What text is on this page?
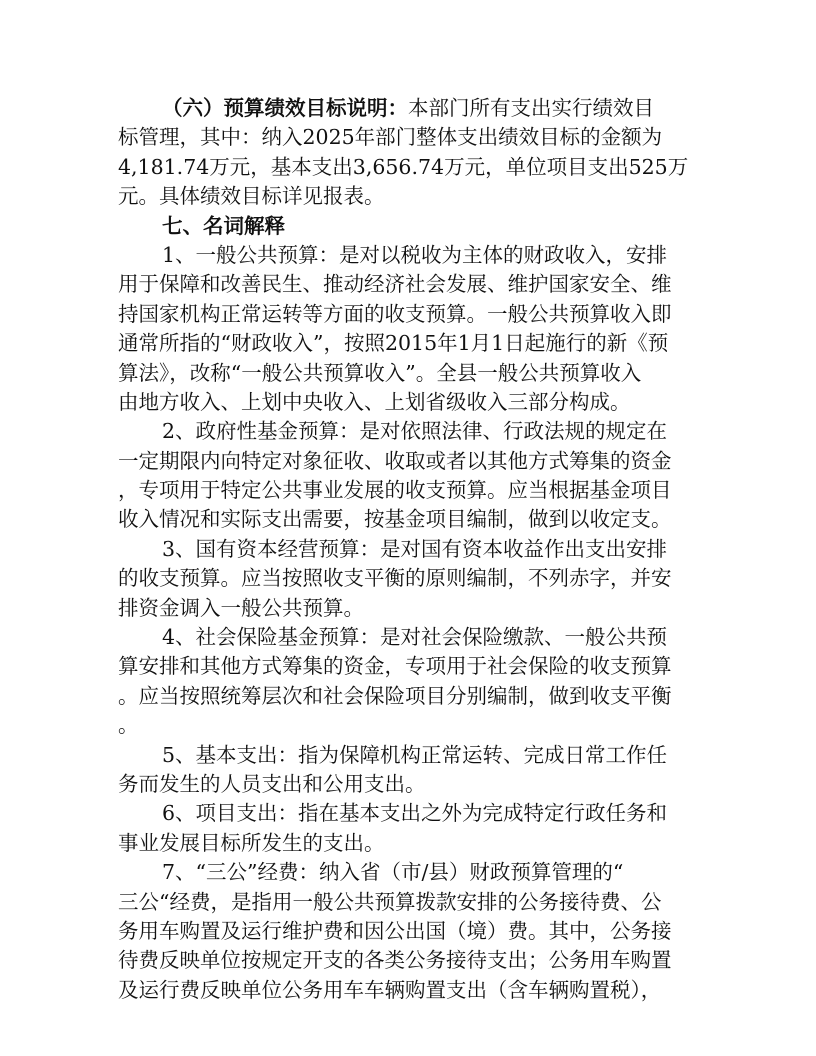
（六）预算绩效目标说明：本部门所有支出实行绩效目
标管理，其中：纳入2025年部门整体支出绩效目标的金额为
4,181.74万元，基本支出3,656.74万元，单位项目支出525万
元。具体绩效目标详见报表。
七、名词解释
1、一般公共预算：是对以税收为主体的财政收入，安排
用于保障和改善民生、推动经济社会发展、维护国家安全、维
持国家机构正常运转等方面的收支预算。一般公共预算收入即
通常所指的“财政收入”，按照2015年1月1日起施行的新《预
算法》，改称“一般公共预算收入”。全县一般公共预算收入
由地方收入、上划中央收入、上划省级收入三部分构成。
2、政府性基金预算：是对依照法律、行政法规的规定在
一定期限内向特定对象征收、收取或者以其他方式筹集的资金
，专项用于特定公共事业发展的收支预算。应当根据基金项目
收入情况和实际支出需要，按基金项目编制，做到以收定支。
3、国有资本经营预算：是对国有资本收益作出支出安排
的收支预算。应当按照收支平衡的原则编制，不列赤字，并安
排资金调入一般公共预算。
4、社会保险基金预算：是对社会保险缴款、一般公共预
算安排和其他方式筹集的资金，专项用于社会保险的收支预算
。应当按照统筹层次和社会保险项目分别编制，做到收支平衡
。
5、基本支出：指为保障机构正常运转、完成日常工作任
务而发生的人员支出和公用支出。
6、项目支出：指在基本支出之外为完成特定行政任务和
事业发展目标所发生的支出。
7、“三公”经费：纳入省（市/县）财政预算管理的“
三公“经费，是指用一般公共预算拨款安排的公务接待费、公
务用车购置及运行维护费和因公出国（境）费。其中，公务接
待费反映单位按规定开支的各类公务接待支出；公务用车购置
及运行费反映单位公务用车车辆购置支出（含车辆购置税），
